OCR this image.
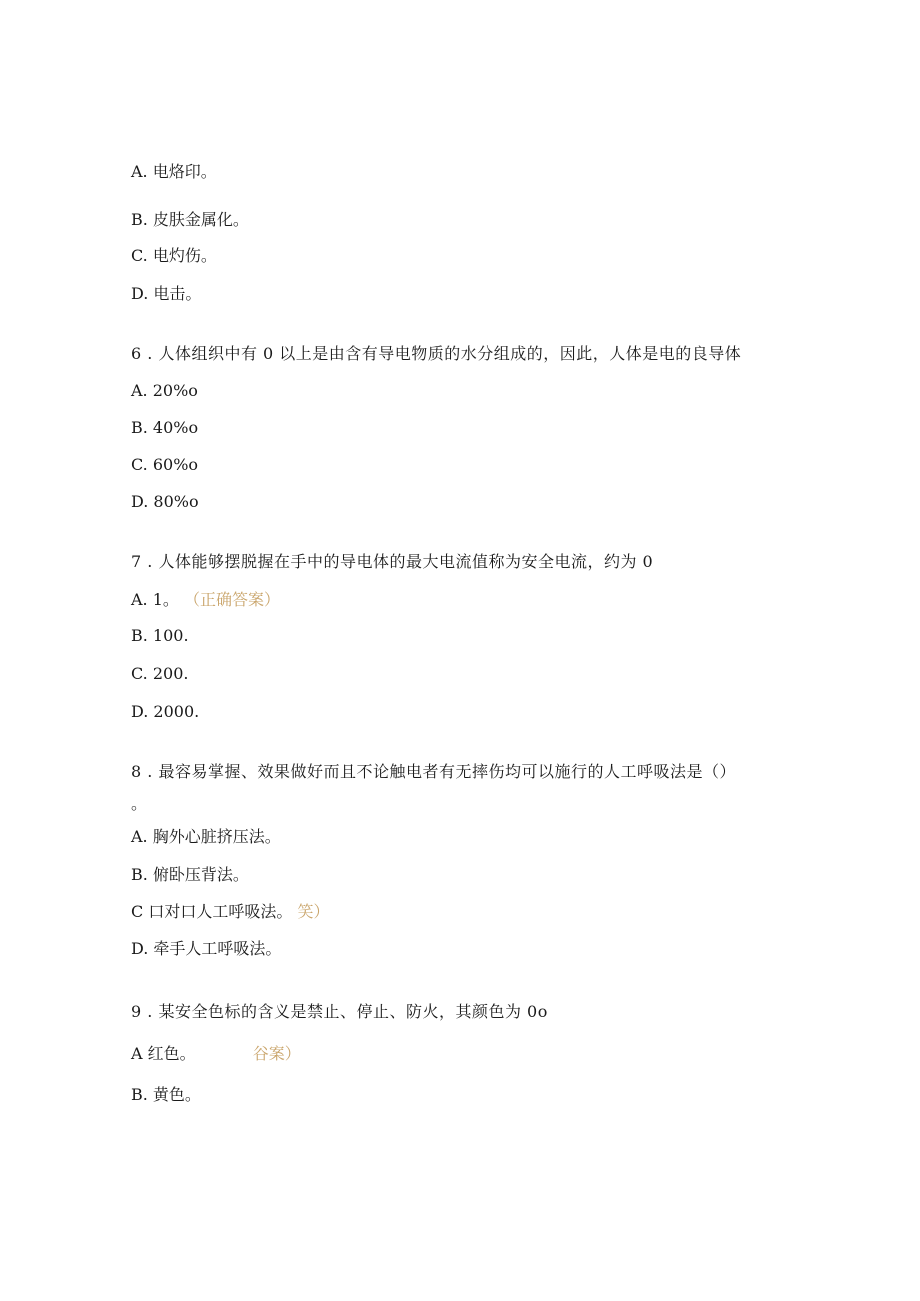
A. 电烙印。
B. 皮肤金属化。
C. 电灼伤。
D. 电击。
6 . 人体组织中有 0 以上是由含有导电物质的水分组成的，因此，人体是电的良导体
A. 20%o
B. 40%o
C. 60%o
D. 80%o
7 . 人体能够摆脱握在手中的导电体的最大电流值称为安全电流，约为 0
A. 1。 （正确答案）
B. 100.
C. 200.
D. 2000.
8 . 最容易掌握、效果做好而且不论触电者有无摔伤均可以施行的人工呼吸法是（）
。
A. 胸外心脏挤压法。
B. 俯卧压背法。
C 口对口人工呼吸法。 笑）
D. 牵手人工呼吸法。
9 . 某安全色标的含义是禁止、停止、防火，其颜色为 0o
A 红色。	谷案）
B. 黄色。
